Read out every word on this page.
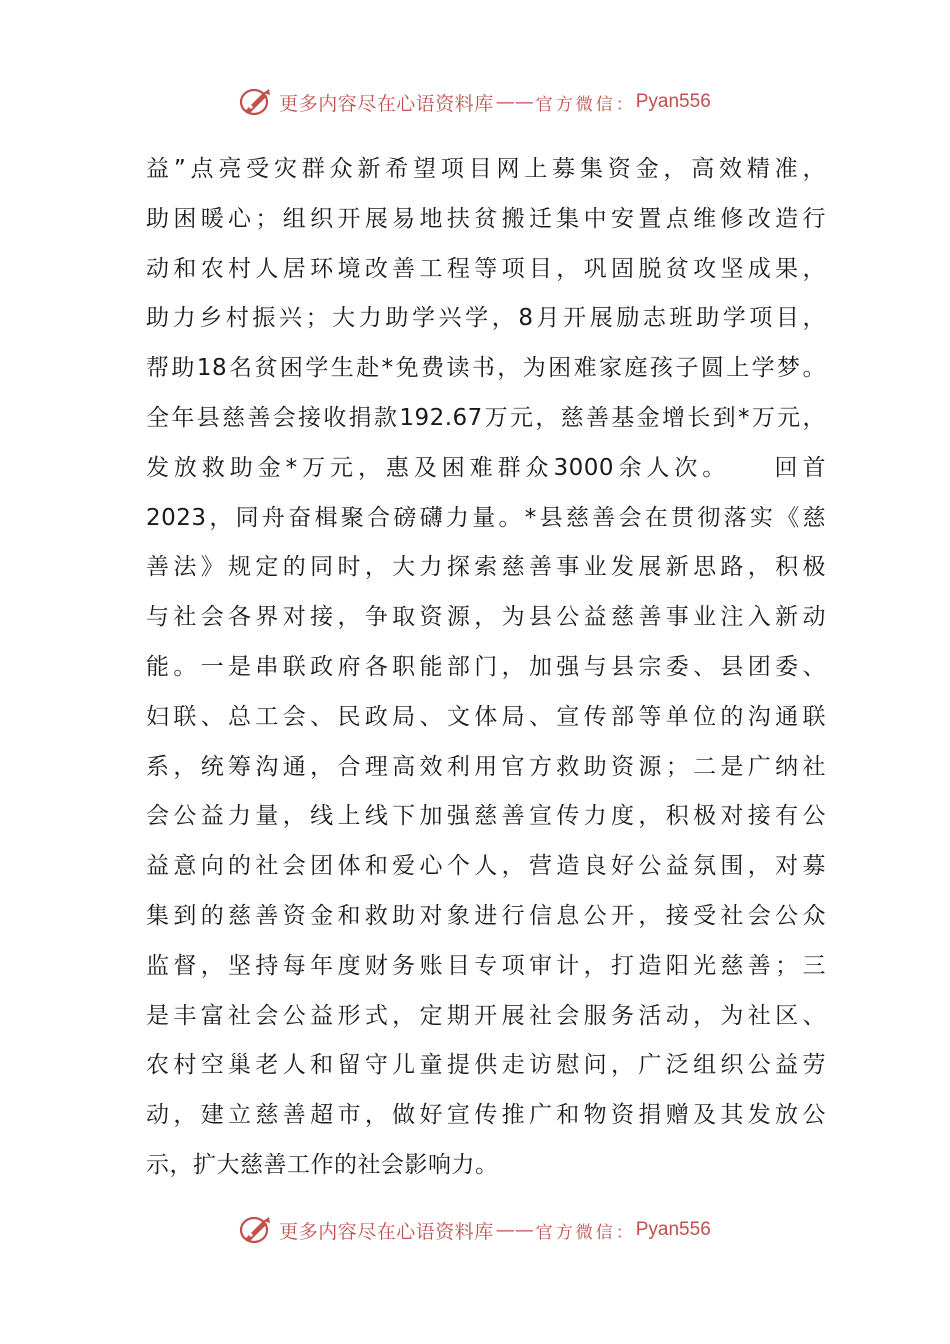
更多内容尽在心语资料库 —— 官方微信： Pyan556
益”点亮受灾群众新希望项目网上募集资金，高效精准，
助困暖心；组织开展易地扶贫搬迁集中安置点维修改造行
动和农村人居环境改善工程等项目，巩固脱贫攻坚成果，
助力乡村振兴；大力助学兴学，8月开展励志班助学项目，
帮助18名贫困学生赴*免费读书，为困难家庭孩子圆上学梦。
全年县慈善会接收捐款192.67万元，慈善基金增长到*万元，
发放救助金*万元，惠及困难群众3000余人次。　　回首
2023，同舟奋楫聚合磅礴力量。*县慈善会在贯彻落实《慈
善法》规定的同时，大力探索慈善事业发展新思路，积极
与社会各界对接，争取资源，为县公益慈善事业注入新动
能。一是串联政府各职能部门，加强与县宗委、县团委、
妇联、总工会、民政局、文体局、宣传部等单位的沟通联
系，统筹沟通，合理高效利用官方救助资源；二是广纳社
会公益力量，线上线下加强慈善宣传力度，积极对接有公
益意向的社会团体和爱心个人，营造良好公益氛围，对募
集到的慈善资金和救助对象进行信息公开，接受社会公众
监督，坚持每年度财务账目专项审计，打造阳光慈善；三
是丰富社会公益形式，定期开展社会服务活动，为社区、
农村空巢老人和留守儿童提供走访慰问，广泛组织公益劳
动，建立慈善超市，做好宣传推广和物资捐赠及其发放公
示，扩大慈善工作的社会影响力。
更多内容尽在心语资料库 —— 官方微信： Pyan556
